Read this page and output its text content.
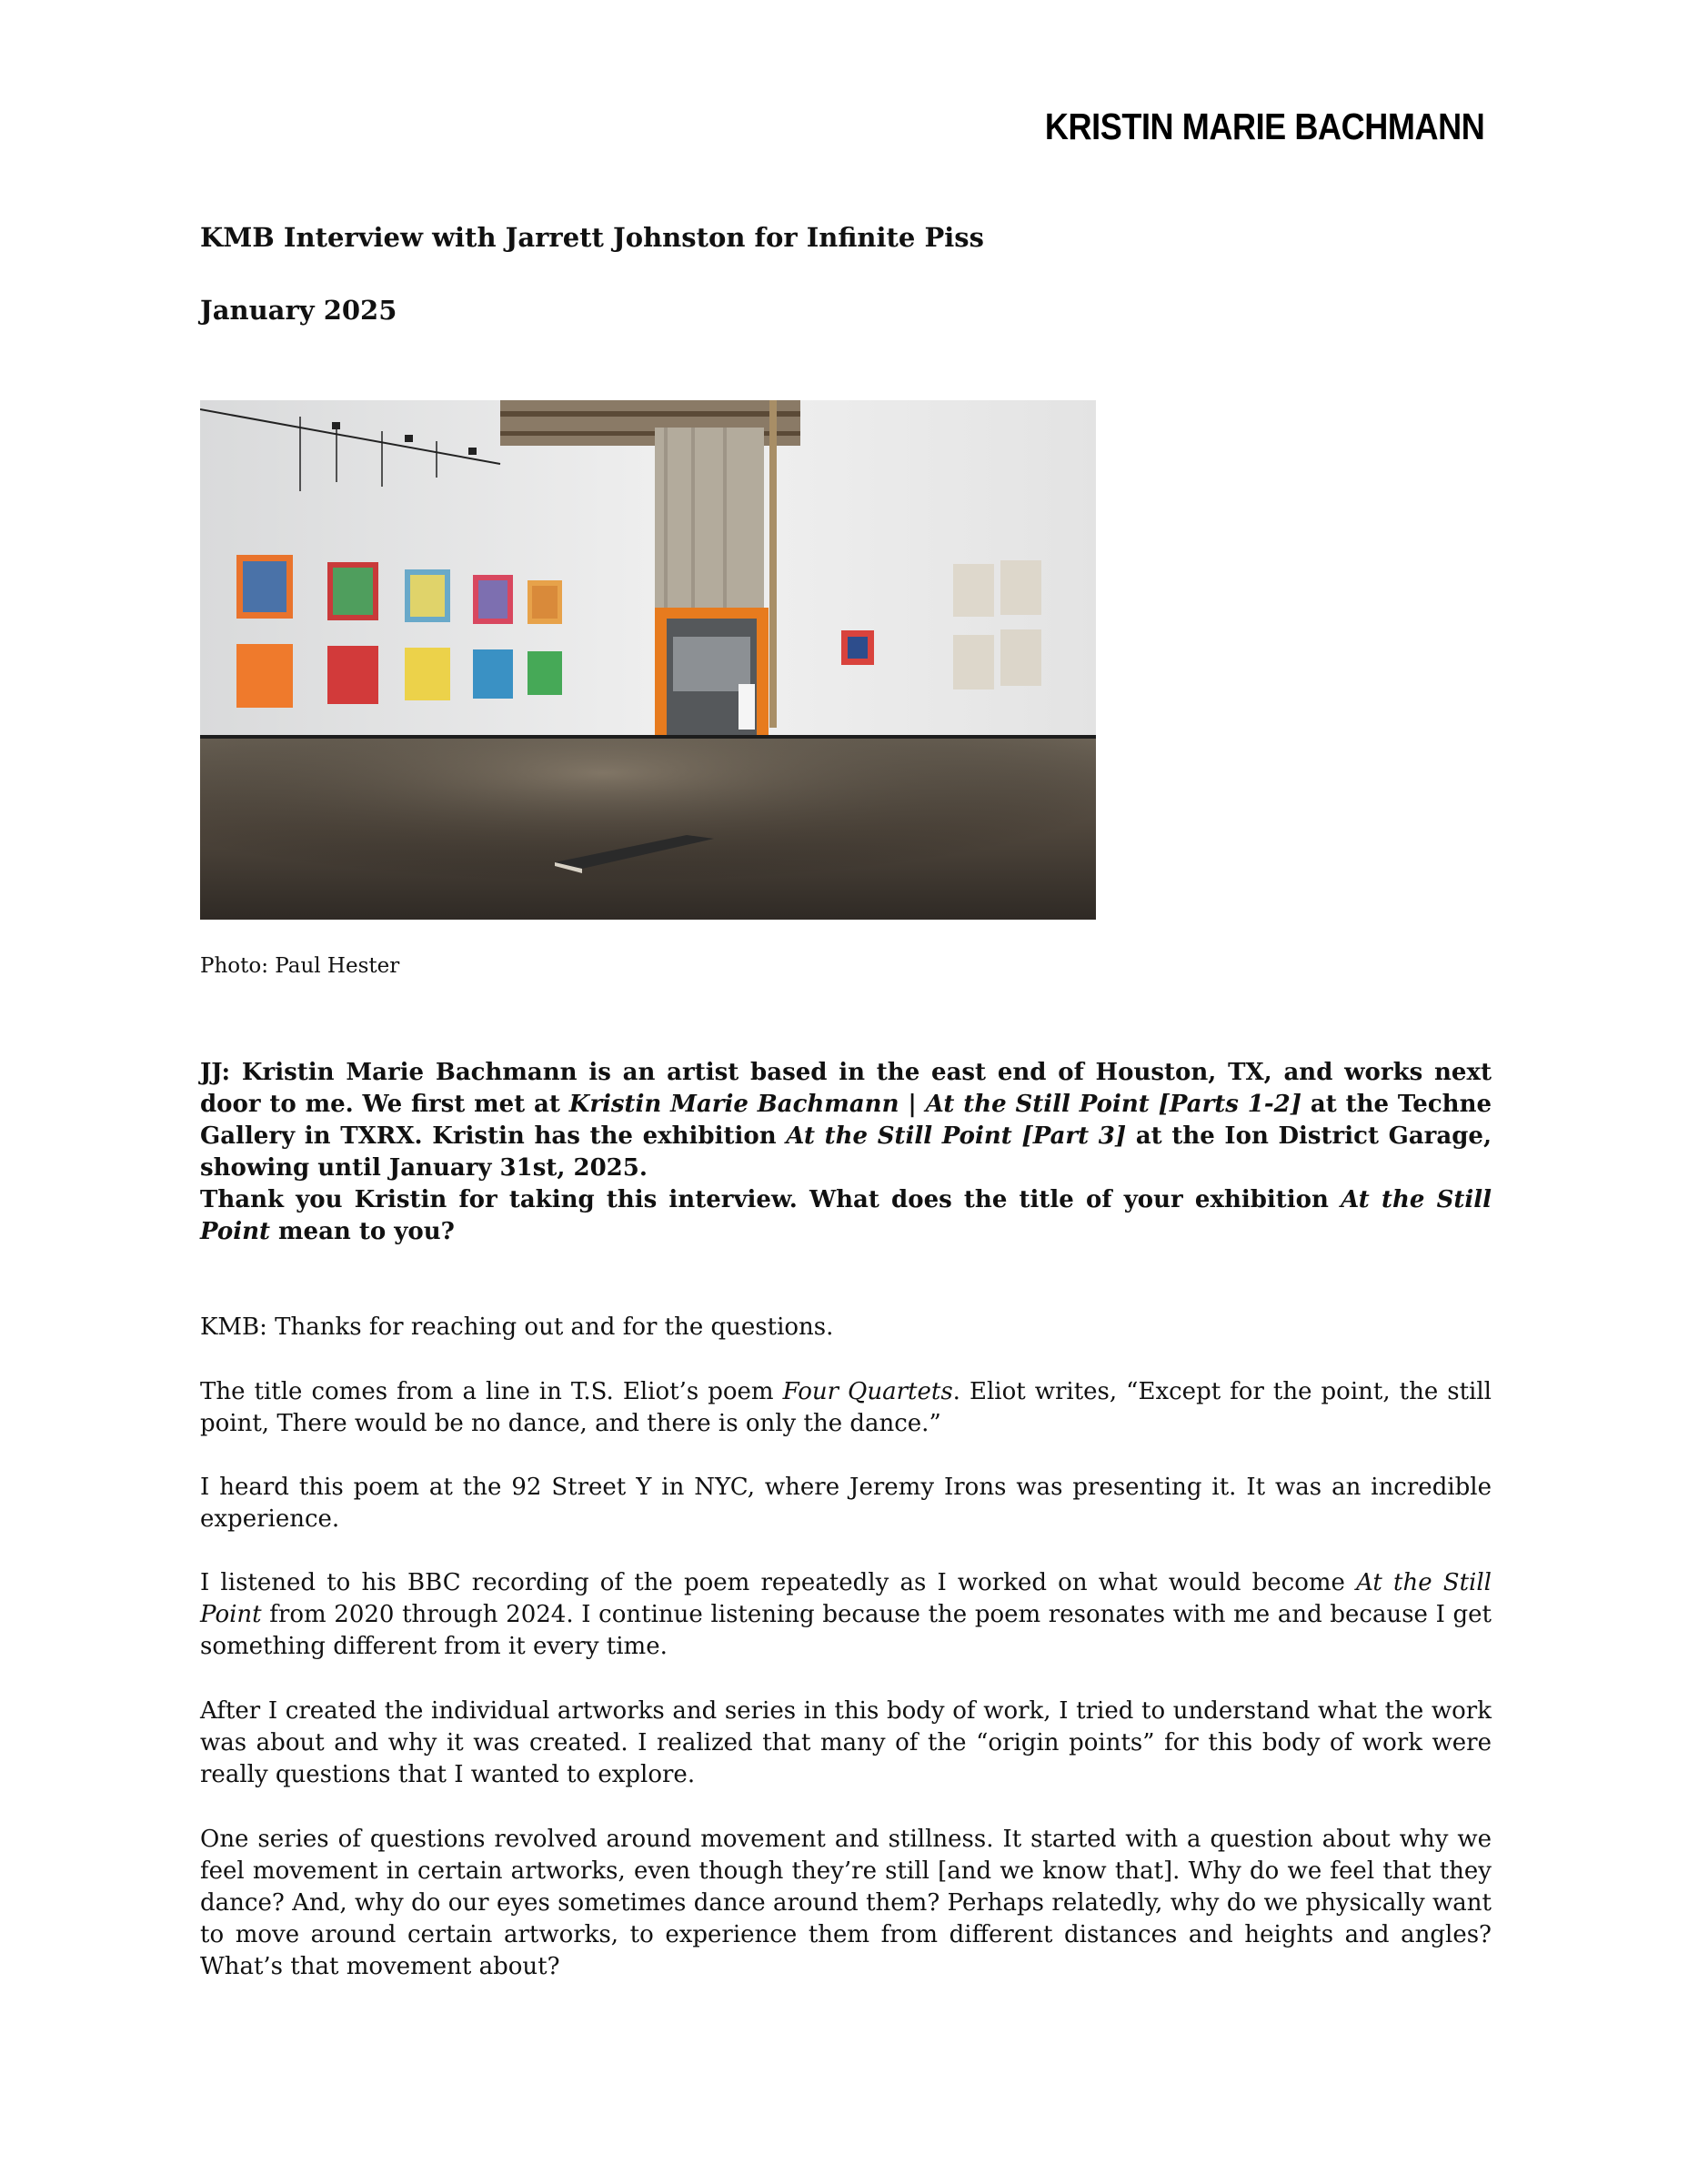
KRISTIN MARIE BACHMANN
KMB Interview with Jarrett Johnston for Infinite Piss
January 2025
Photo: Paul Hester
JJ: Kristin Marie Bachmann is an artist based in the east end of Houston, TX, and works next door to me. We first met at Kristin Marie Bachmann | At the Still Point [Parts 1-2] at the Techne Gallery in TXRX. Kristin has the exhibition At the Still Point [Part 3] at the Ion District Garage, showing until January 31st, 2025.
Thank you Kristin for taking this interview. What does the title of your exhibition At the Still Point mean to you?
KMB: Thanks for reaching out and for the questions.
The title comes from a line in T.S. Eliot’s poem Four Quartets. Eliot writes, “Except for the point, the still point, There would be no dance, and there is only the dance.”
I heard this poem at the 92 Street Y in NYC, where Jeremy Irons was presenting it. It was an incredible experience.
I listened to his BBC recording of the poem repeatedly as I worked on what would become At the Still Point from 2020 through 2024. I continue listening because the poem resonates with me and because I get something different from it every time.
After I created the individual artworks and series in this body of work, I tried to understand what the work was about and why it was created. I realized that many of the “origin points” for this body of work were really questions that I wanted to explore.
One series of questions revolved around movement and stillness. It started with a question about why we feel movement in certain artworks, even though they’re still [and we know that]. Why do we feel that they dance? And, why do our eyes sometimes dance around them? Perhaps relatedly, why do we physically want to move around certain artworks, to experience them from different distances and heights and angles? What’s that movement about?
